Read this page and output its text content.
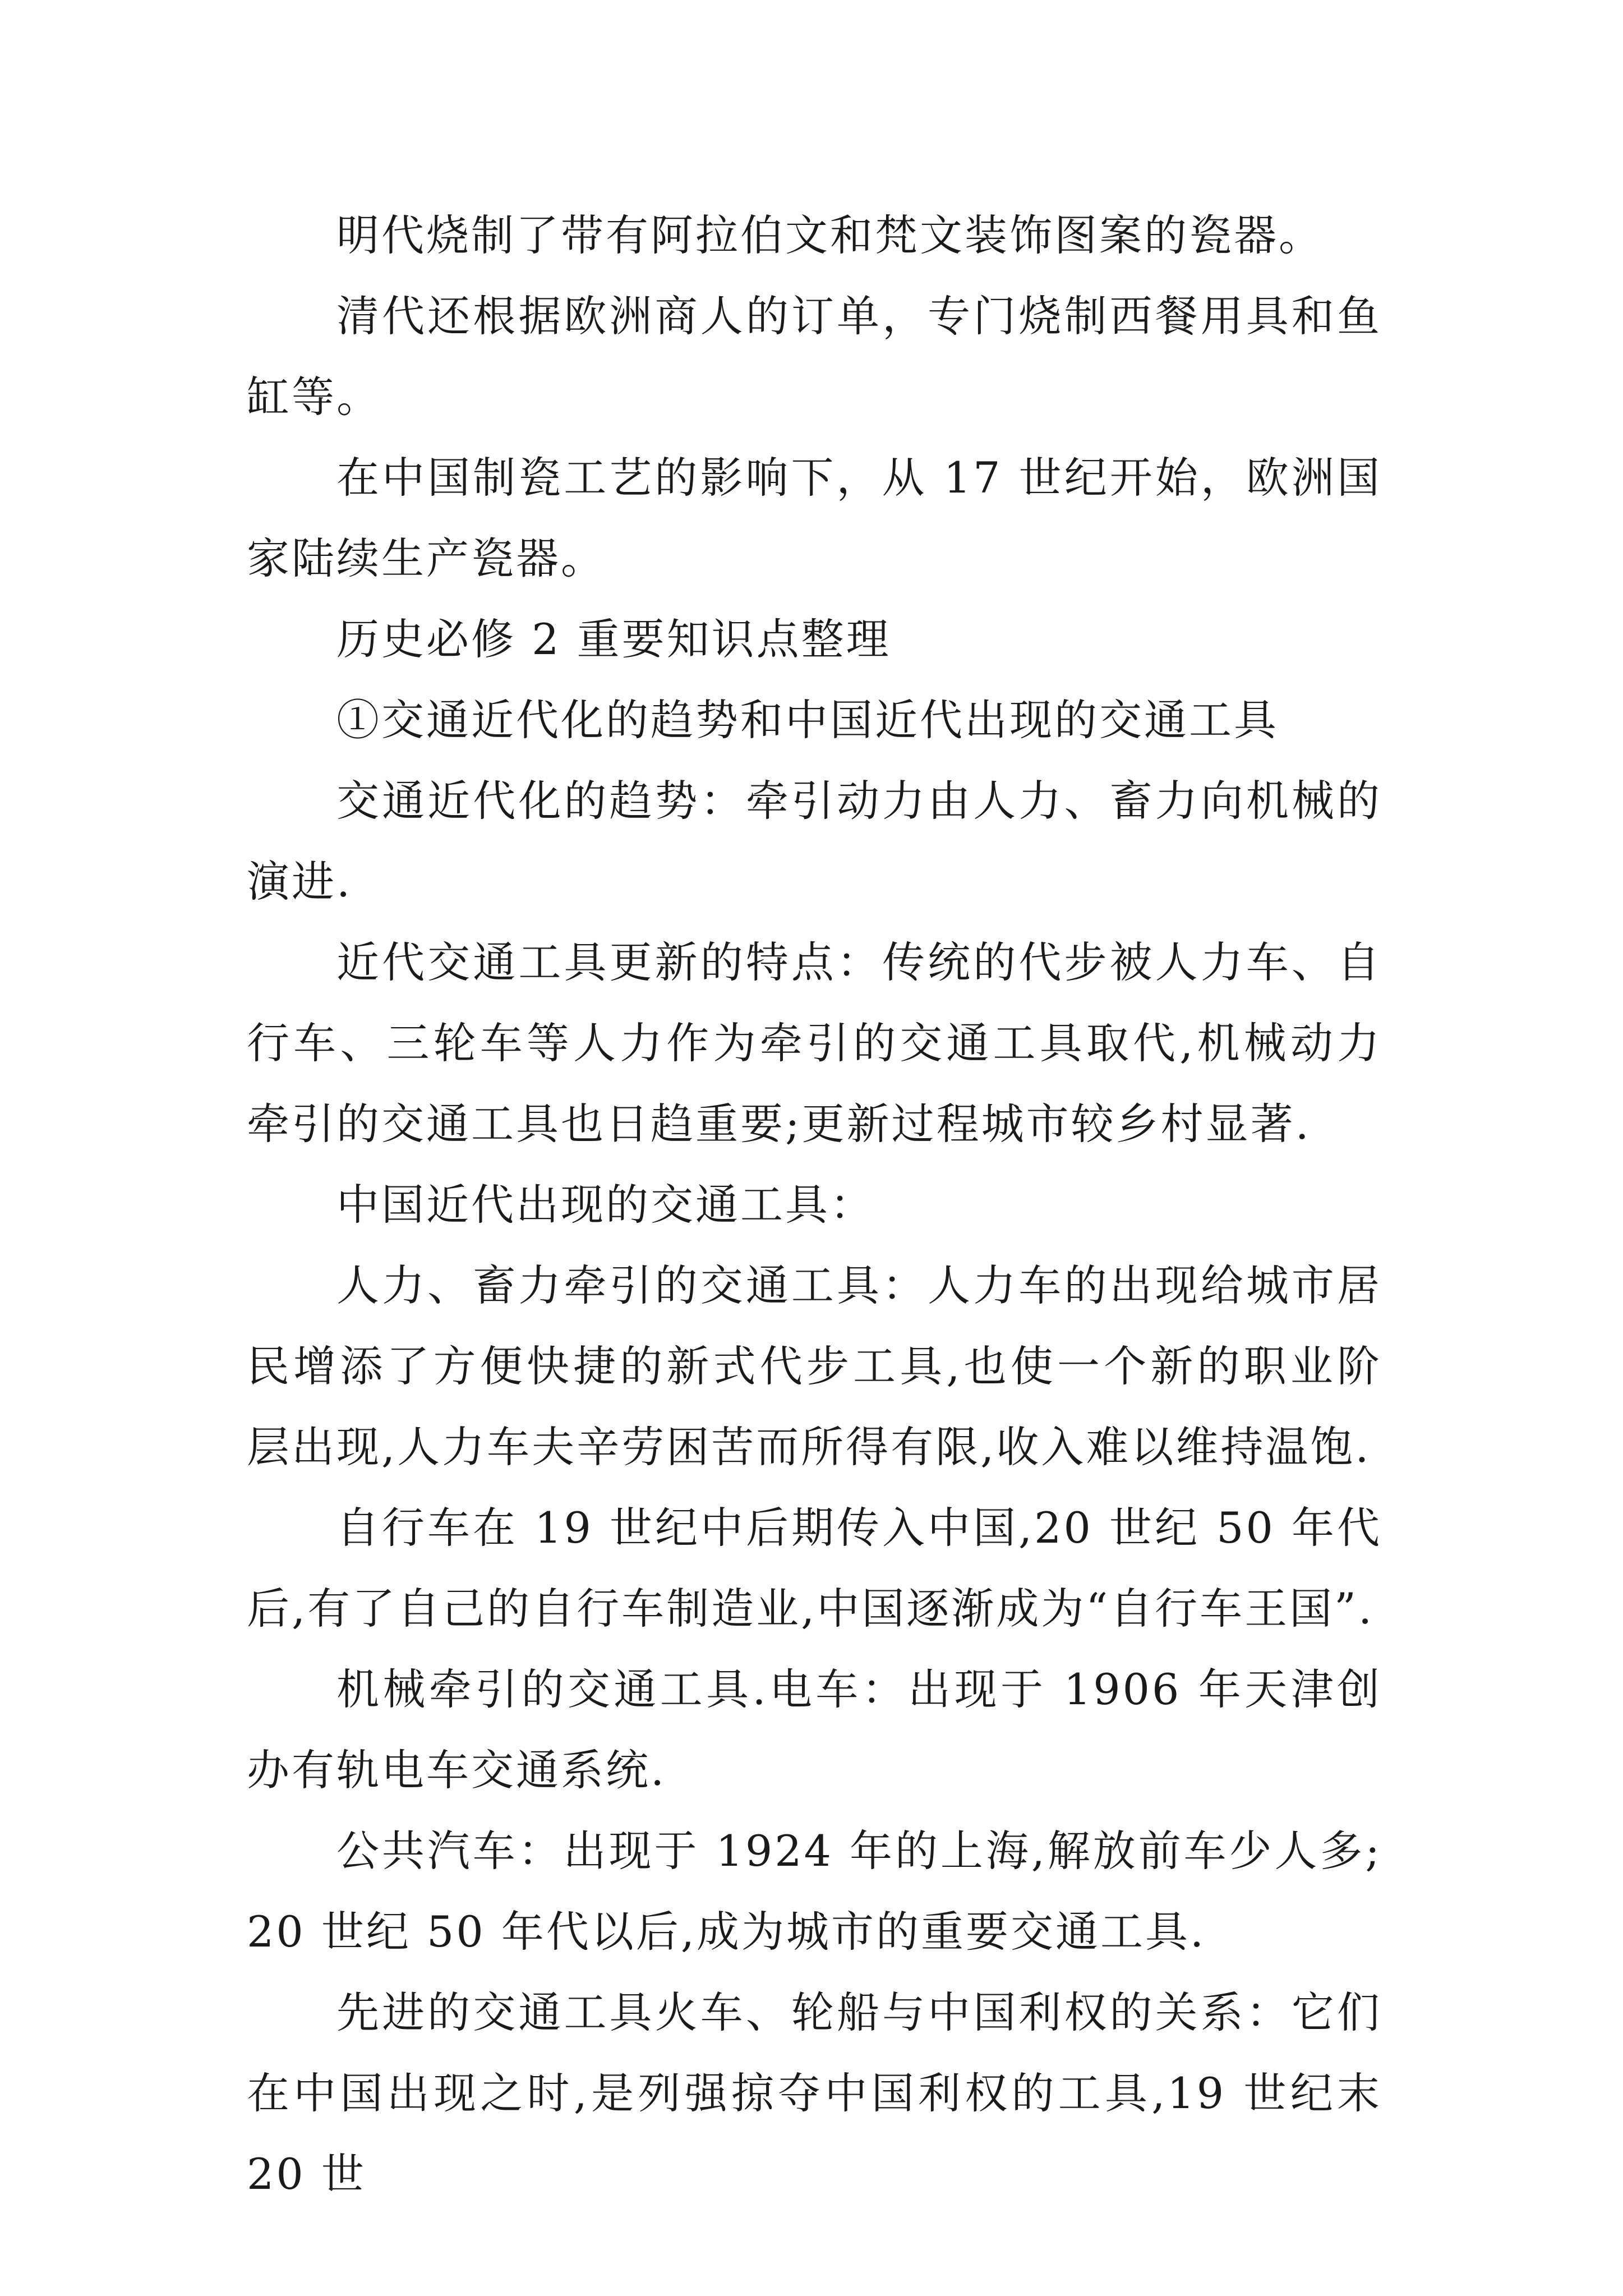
明代烧制了带有阿拉伯文和梵文装饰图案的瓷器。

清代还根据欧洲商人的订单，专门烧制西餐用具和鱼缸等。

在中国制瓷工艺的影响下，从 17 世纪开始，欧洲国家陆续生产瓷器。

历史必修 2 重要知识点整理

①交通近代化的趋势和中国近代出现的交通工具

交通近代化的趋势：牵引动力由人力、畜力向机械的演进.

近代交通工具更新的特点：传统的代步被人力车、自行车、三轮车等人力作为牵引的交通工具取代,机械动力牵引的交通工具也日趋重要;更新过程城市较乡村显著.

中国近代出现的交通工具：

人力、畜力牵引的交通工具：人力车的出现给城市居民增添了方便快捷的新式代步工具,也使一个新的职业阶层出现,人力车夫辛劳困苦而所得有限,收入难以维持温饱.

自行车在 19 世纪中后期传入中国,20 世纪 50 年代后,有了自己的自行车制造业,中国逐渐成为“自行车王国”.

机械牵引的交通工具.电车：出现于 1906 年天津创办有轨电车交通系统.

公共汽车：出现于 1924 年的上海,解放前车少人多;20 世纪 50 年代以后,成为城市的重要交通工具.

先进的交通工具火车、轮船与中国利权的关系：它们在中国出现之时,是列强掠夺中国利权的工具,19 世纪末 20 世
